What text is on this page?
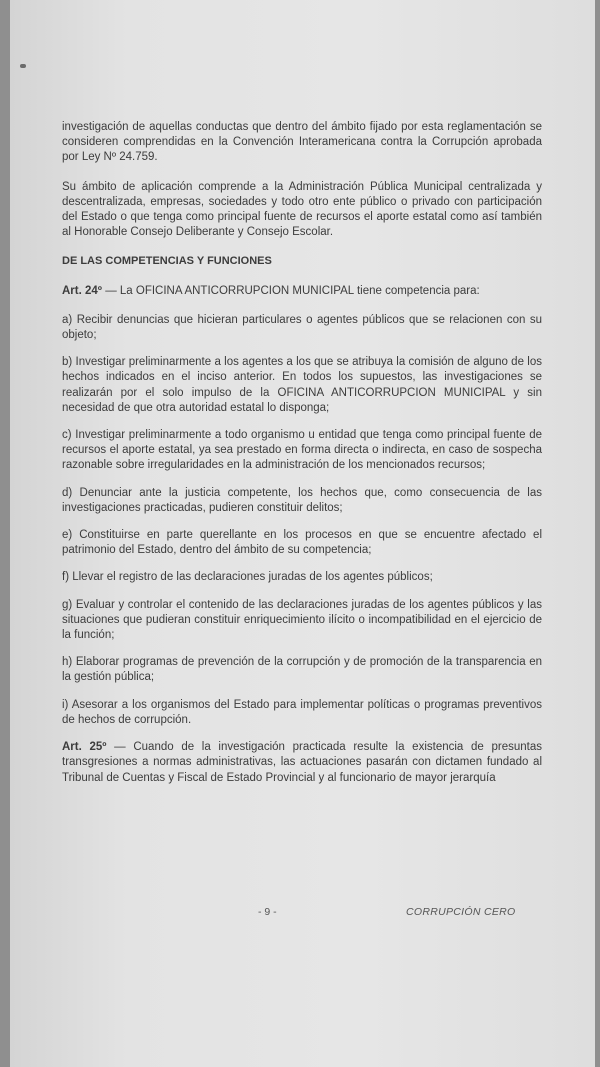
investigación de aquellas conductas que dentro del ámbito fijado por esta reglamentación se consideren comprendidas en la Convención Interamericana contra la Corrupción aprobada por Ley Nº 24.759.

Su ámbito de aplicación comprende a la Administración Pública Municipal centralizada y descentralizada, empresas, sociedades y todo otro ente público o privado con participación del Estado o que tenga como principal fuente de recursos el aporte estatal como así también al Honorable Consejo Deliberante y Consejo Escolar.

DE LAS COMPETENCIAS Y FUNCIONES

Art. 24º — La OFICINA ANTICORRUPCION MUNICIPAL tiene competencia para:

a) Recibir denuncias que hicieran particulares o agentes públicos que se relacionen con su objeto;

b) Investigar preliminarmente a los agentes a los que se atribuya la comisión de alguno de los hechos indicados en el inciso anterior. En todos los supuestos, las investigaciones se realizarán por el solo impulso de la OFICINA ANTICORRUPCION MUNICIPAL y sin necesidad de que otra autoridad estatal lo disponga;

c) Investigar preliminarmente a todo organismo u entidad que tenga como principal fuente de recursos el aporte estatal, ya sea prestado en forma directa o indirecta, en caso de sospecha razonable sobre irregularidades en la administración de los mencionados recursos;

d) Denunciar ante la justicia competente, los hechos que, como consecuencia de las investigaciones practicadas, pudieren constituir delitos;

e) Constituirse en parte querellante en los procesos en que se encuentre afectado el patrimonio del Estado, dentro del ámbito de su competencia;

f) Llevar el registro de las declaraciones juradas de los agentes públicos;

g) Evaluar y controlar el contenido de las declaraciones juradas de los agentes públicos y las situaciones que pudieran constituir enriquecimiento ilícito o incompatibilidad en el ejercicio de la función;

h) Elaborar programas de prevención de la corrupción y de promoción de la transparencia en la gestión pública;

i) Asesorar a los organismos del Estado para implementar políticas o programas preventivos de hechos de corrupción.

Art. 25º — Cuando de la investigación practicada resulte la existencia de presuntas transgresiones a normas administrativas, las actuaciones pasarán con dictamen fundado al Tribunal de Cuentas y Fiscal de Estado Provincial y al funcionario de mayor jerarquía

- 9 -	CORRUPCIÓN CERO
